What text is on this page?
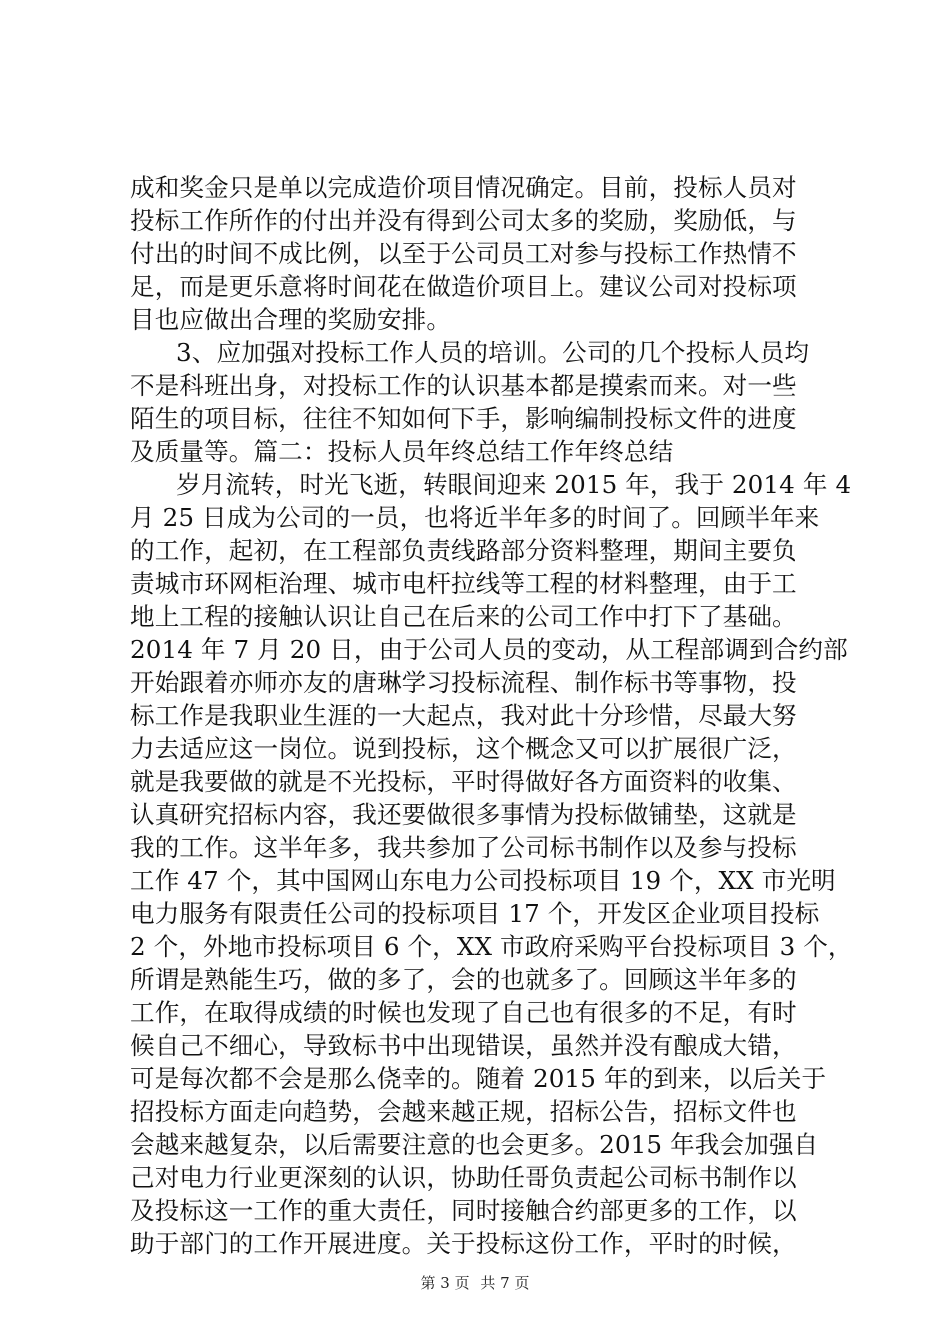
成和奖金只是单以完成造价项目情况确定。目前，投标人员对
投标工作所作的付出并没有得到公司太多的奖励，奖励低，与
付出的时间不成比例，以至于公司员工对参与投标工作热情不
足，而是更乐意将时间花在做造价项目上。建议公司对投标项
目也应做出合理的奖励安排。
3、应加强对投标工作人员的培训。公司的几个投标人员均
不是科班出身，对投标工作的认识基本都是摸索而来。对一些
陌生的项目标，往往不知如何下手，影响编制投标文件的进度
及质量等。篇二：投标人员年终总结工作年终总结
岁月流转，时光飞逝，转眼间迎来 2015 年，我于 2014 年 4
月 25 日成为公司的一员，也将近半年多的时间了。回顾半年来
的工作，起初，在工程部负责线路部分资料整理，期间主要负
责城市环网柜治理、城市电杆拉线等工程的材料整理，由于工
地上工程的接触认识让自己在后来的公司工作中打下了基础。
2014 年 7 月 20 日，由于公司人员的变动，从工程部调到合约部
开始跟着亦师亦友的唐琳学习投标流程、制作标书等事物，投
标工作是我职业生涯的一大起点，我对此十分珍惜，尽最大努
力去适应这一岗位。说到投标，这个概念又可以扩展很广泛，
就是我要做的就是不光投标，平时得做好各方面资料的收集、
认真研究招标内容，我还要做很多事情为投标做铺垫，这就是
我的工作。这半年多，我共参加了公司标书制作以及参与投标
工作 47 个，其中国网山东电力公司投标项目 19 个，XX 市光明
电力服务有限责任公司的投标项目 17 个，开发区企业项目投标
2 个，外地市投标项目 6 个，XX 市政府采购平台投标项目 3 个，
所谓是熟能生巧，做的多了，会的也就多了。回顾这半年多的
工作，在取得成绩的时候也发现了自己也有很多的不足，有时
候自己不细心，导致标书中出现错误，虽然并没有酿成大错，
可是每次都不会是那么侥幸的。随着 2015 年的到来，以后关于
招投标方面走向趋势，会越来越正规，招标公告，招标文件也
会越来越复杂，以后需要注意的也会更多。2015 年我会加强自
己对电力行业更深刻的认识，协助任哥负责起公司标书制作以
及投标这一工作的重大责任，同时接触合约部更多的工作，以
助于部门的工作开展进度。关于投标这份工作，平时的时候，
第 3 页 共 7 页
